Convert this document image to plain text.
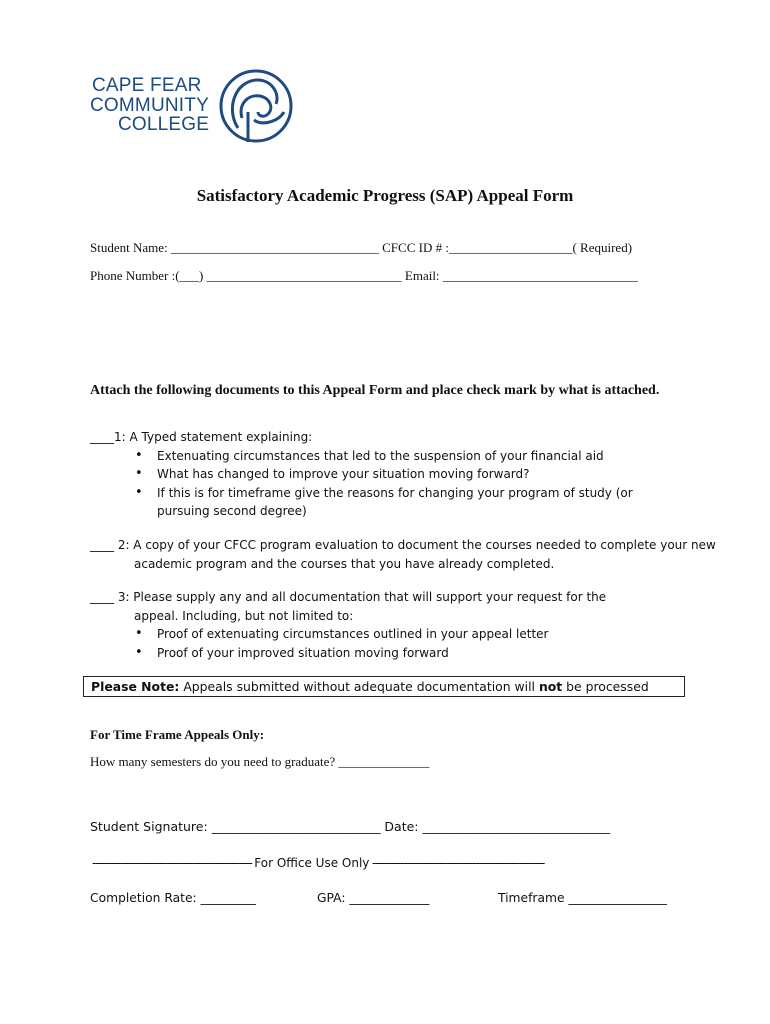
CAPE FEAR
COMMUNITY
COLLEGE
Satisfactory Academic Progress (SAP) Appeal Form
Student Name: ________________________________ CFCC ID # :___________________( Required)
Phone Number :(___) ______________________________ Email: ______________________________
Attach the following documents to this Appeal Form and place check mark by what is attached.
____1: A Typed statement explaining:
• Extenuating circumstances that led to the suspension of your financial aid
• What has changed to improve your situation moving forward?
• If this is for timeframe give the reasons for changing your program of study (or pursuing second degree)
____ 2: A copy of your CFCC program evaluation to document the courses needed to complete your new
academic program and the courses that you have already completed.
____ 3: Please supply any and all documentation that will support your request for the
appeal. Including, but not limited to:
• Proof of extenuating circumstances outlined in your appeal letter
• Proof of your improved situation moving forward
Please Note: Appeals submitted without adequate documentation will not be processed
For Time Frame Appeals Only:
How many semesters do you need to graduate? ______________
Student Signature: ___________________________ Date: ______________________________
--------------------------------------------------- For Office Use Only -------------------------------------------------------
Completion Rate: _________	GPA: _____________	Timeframe ________________
